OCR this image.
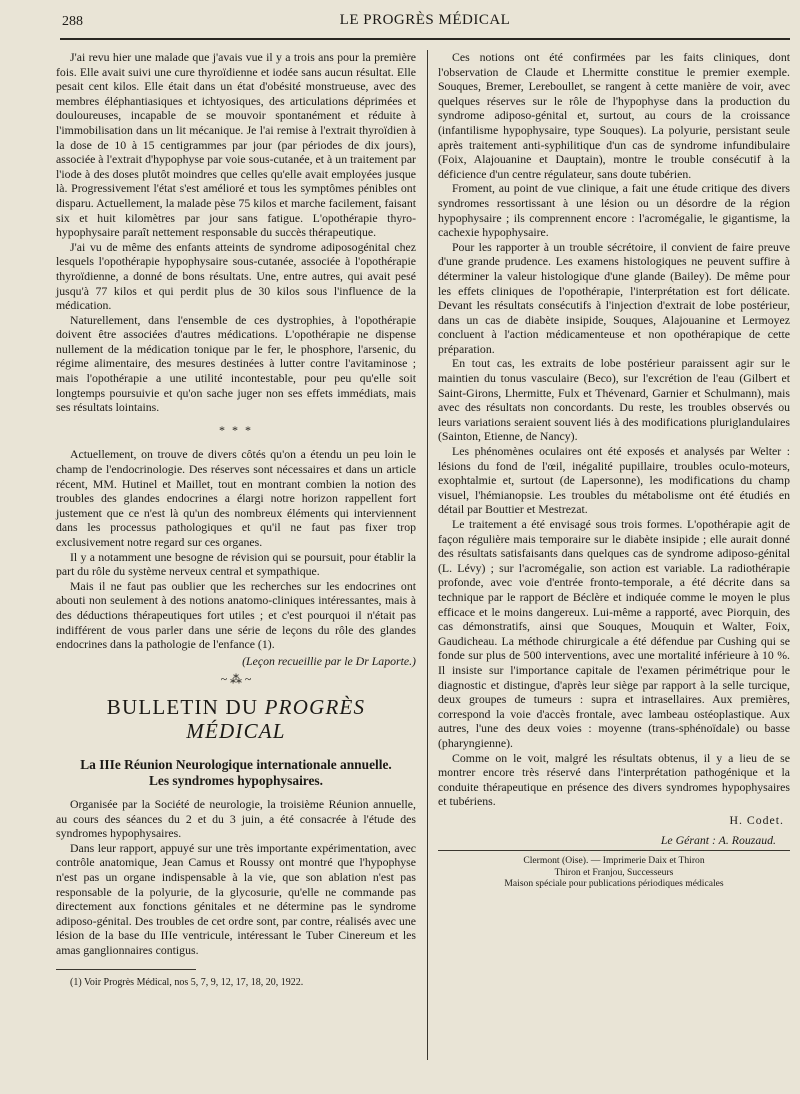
288	LE PROGRÈS MÉDICAL

J'ai revu hier une malade que j'avais vue il y a trois ans pour la première fois. Elle avait suivi une cure thyroïdienne et iodée sans aucun résultat. Elle pesait cent kilos. Elle était dans un état d'obésité monstrueuse, avec des membres éléphantiasiques et ichtyosiques, des articulations déprimées et douloureuses, incapable de se mouvoir spontanément et réduite à l'immobilisation dans un lit mécanique. Je l'ai remise à l'extrait thyroïdien à la dose de 10 à 15 centigrammes par jour (par périodes de dix jours), associée à l'extrait d'hypophyse par voie sous-cutanée, et à un traitement par l'iode à des doses plutôt moindres que celles qu'elle avait employées jusque là. Progressivement l'état s'est amélioré et tous les symptômes pénibles ont disparu. Actuellement, la malade pèse 75 kilos et marche facilement, faisant six et huit kilomètres par jour sans fatigue. L'opothérapie thyro-hypophysaire paraît nettement responsable du succès thérapeutique.

J'ai vu de même des enfants atteints de syndrome adiposogénital chez lesquels l'opothérapie hypophysaire sous-cutanée, associée à l'opothérapie thyroïdienne, a donné de bons résultats. Une, entre autres, qui avait pesé jusqu'à 77 kilos et qui perdit plus de 30 kilos sous l'influence de la médication.

Naturellement, dans l'ensemble de ces dystrophies, à l'opothérapie doivent être associées d'autres médications. L'opothérapie ne dispense nullement de la médication tonique par le fer, le phosphore, l'arsenic, du régime alimentaire, des mesures destinées à lutter contre l'avitaminose ; mais l'opothérapie a une utilité incontestable, pour peu qu'elle soit longtemps poursuivie et qu'on sache juger non ses effets immédiats, mais ses résultats lointains.

* * *

Actuellement, on trouve de divers côtés qu'on a étendu un peu loin le champ de l'endocrinologie. Des réserves sont nécessaires et dans un article récent, MM. Hutinel et Maillet, tout en montrant combien la notion des troubles des glandes endocrines a élargi notre horizon rappellent fort justement que ce n'est là qu'un des nombreux éléments qui interviennent dans les processus pathologiques et qu'il ne faut pas fixer trop exclusivement notre regard sur ces organes.

Il y a notamment une besogne de révision qui se poursuit, pour établir la part du rôle du système nerveux central et sympathique.

Mais il ne faut pas oublier que les recherches sur les endocrines ont abouti non seulement à des notions anatomo-cliniques intéressantes, mais à des déductions thérapeutiques fort utiles ; et c'est pourquoi il n'était pas indifférent de vous parler dans une série de leçons du rôle des glandes endocrines dans la pathologie de l'enfance (1).

(Leçon recueillie par le Dr Laporte.)
~ ⁂ ~
BULLETIN DU PROGRÈS MÉDICAL
La IIIe Réunion Neurologique internationale annuelle.
Les syndromes hypophysaires.

Organisée par la Société de neurologie, la troisième Réunion annuelle, au cours des séances du 2 et du 3 juin, a été consacrée à l'étude des syndromes hypophysaires.

Dans leur rapport, appuyé sur une très importante expérimentation, avec contrôle anatomique, Jean Camus et Roussy ont montré que l'hypophyse n'est pas un organe indispensable à la vie, que son ablation n'est pas responsable de la polyurie, de la glycosurie, qu'elle ne commande pas directement aux fonctions génitales et ne détermine pas le syndrome adiposo-génital. Des troubles de cet ordre sont, par contre, réalisés avec une lésion de la base du IIIe ventricule, intéressant le Tuber Cinereum et les amas ganglionnaires contigus.

(1) Voir Progrès Médical, nos 5, 7, 9, 12, 17, 18, 20, 1922.

Ces notions ont été confirmées par les faits cliniques, dont l'observation de Claude et Lhermitte constitue le premier exemple. Souques, Bremer, Lereboullet, se rangent à cette manière de voir, avec quelques réserves sur le rôle de l'hypophyse dans la production du syndrome adiposo-génital et, surtout, au cours de la croissance (infantilisme hypophysaire, type Souques). La polyurie, persistant seule après traitement anti-syphilitique d'un cas de syndrome infundibulaire (Foix, Alajouanine et Dauptain), montre le trouble consécutif à la déficience d'un centre régulateur, sans doute tubérien.

Froment, au point de vue clinique, a fait une étude critique des divers syndromes ressortissant à une lésion ou un désordre de la région hypophysaire ; ils comprennent encore : l'acromégalie, le gigantisme, la cachexie hypophysaire.

Pour les rapporter à un trouble sécrétoire, il convient de faire preuve d'une grande prudence. Les examens histologiques ne peuvent suffire à déterminer la valeur histologique d'une glande (Bailey). De même pour les effets cliniques de l'opothérapie, l'interprétation est fort délicate. Devant les résultats consécutifs à l'injection d'extrait de lobe postérieur, dans un cas de diabète insipide, Souques, Alajouanine et Lermoyez concluent à l'action médicamenteuse et non opothérapique de cette préparation.

En tout cas, les extraits de lobe postérieur paraissent agir sur le maintien du tonus vasculaire (Beco), sur l'excrétion de l'eau (Gilbert et Saint-Girons, Lhermitte, Fulx et Thévenard, Garnier et Schulmann), mais avec des résultats non concordants. Du reste, les troubles observés ou leurs variations seraient souvent liés à des modifications pluriglandulaires (Sainton, Etienne, de Nancy).

Les phénomènes oculaires ont été exposés et analysés par Welter : lésions du fond de l'œil, inégalité pupillaire, troubles oculo-moteurs, exophtalmie et, surtout (de Lapersonne), les modifications du champ visuel, l'hémianopsie. Les troubles du métabolisme ont été étudiés en détail par Bouttier et Mestrezat.

Le traitement a été envisagé sous trois formes. L'opothérapie agit de façon régulière mais temporaire sur le diabète insipide ; elle aurait donné des résultats satisfaisants dans quelques cas de syndrome adiposo-génital (L. Lévy) ; sur l'acromégalie, son action est variable. La radiothérapie profonde, avec voie d'entrée fronto-temporale, a été décrite dans sa technique par le rapport de Béclère et indiquée comme le moyen le plus efficace et le moins dangereux. Lui-même a rapporté, avec Piorquin, des cas démonstratifs, ainsi que Souques, Mouquin et Walter, Foix, Gaudicheau. La méthode chirurgicale a été défendue par Cushing qui se fonde sur plus de 500 interventions, avec une mortalité inférieure à 10 %. Il insiste sur l'importance capitale de l'examen périmétrique pour le diagnostic et distingue, d'après leur siège par rapport à la selle turcique, deux groupes de tumeurs : supra et intrasellaires. Aux premières, correspond la voie d'accès frontale, avec lambeau ostéoplastique. Aux autres, l'une des deux voies : moyenne (trans-sphénoïdale) ou basse (pharyngienne).

Comme on le voit, malgré les résultats obtenus, il y a lieu de se montrer encore très réservé dans l'interprétation pathogénique et la conduite thérapeutique en présence des divers syndromes hypophysaires et tubériens.

H. Codet.
Le Gérant : A. Rouzaud.
Clermont (Oise). — Imprimerie Daix et Thiron
Thiron et Franjou, Successeurs
Maison spéciale pour publications périodiques médicales
